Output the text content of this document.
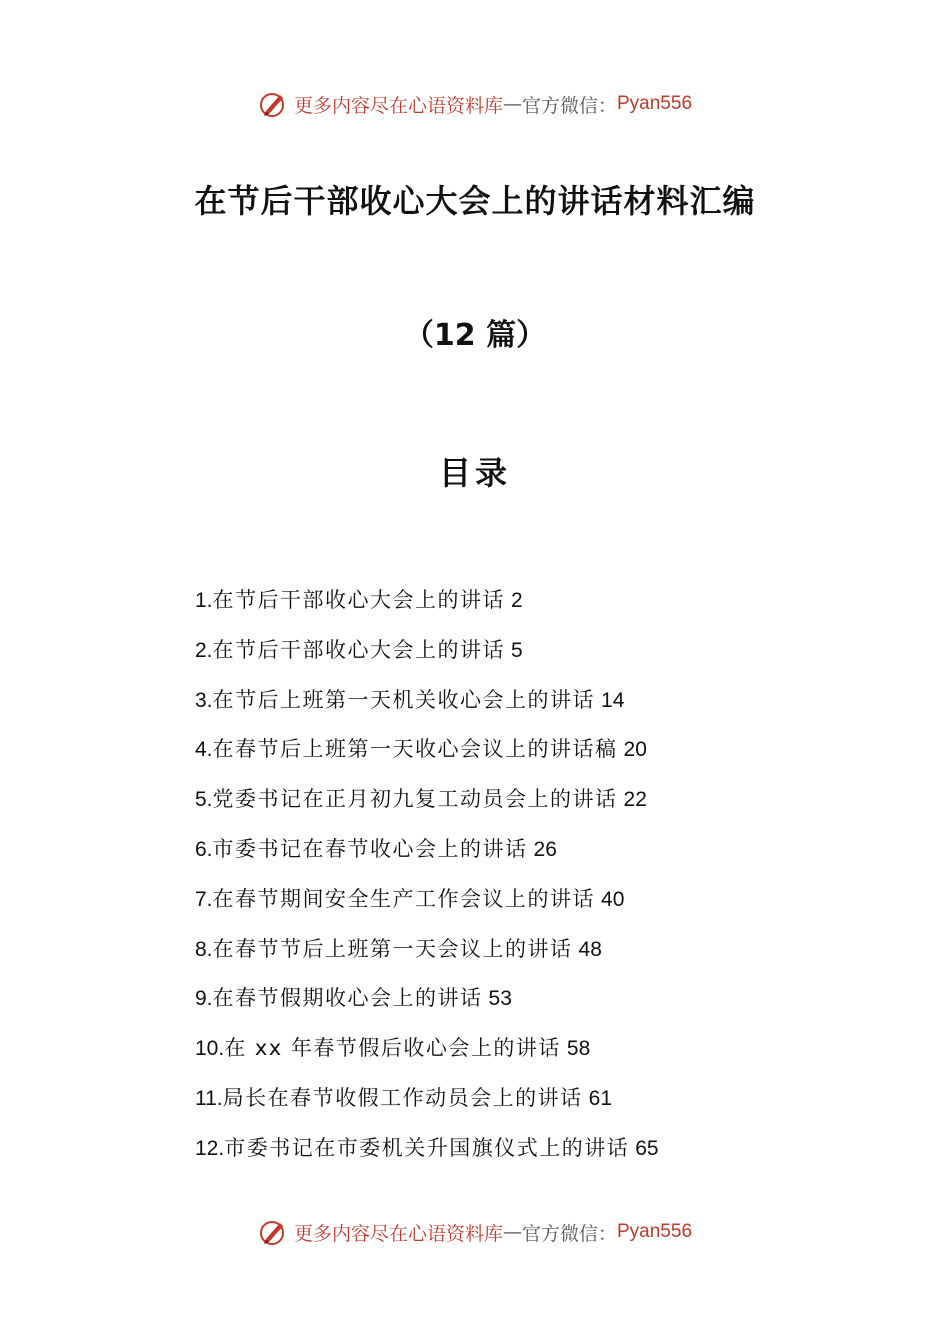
更多内容尽在心语资料库 — 官方微信： Pyan556
在节后干部收心大会上的讲话材料汇编
（12 篇）
目录
1.在节后干部收心大会上的讲话 2
2.在节后干部收心大会上的讲话 5
3.在节后上班第一天机关收心会上的讲话 14
4.在春节后上班第一天收心会议上的讲话稿 20
5.党委书记在正月初九复工动员会上的讲话 22
6.市委书记在春节收心会上的讲话 26
7.在春节期间安全生产工作会议上的讲话 40
8.在春节节后上班第一天会议上的讲话 48
9.在春节假期收心会上的讲话 53
10.在 xx 年春节假后收心会上的讲话 58
11.局长在春节收假工作动员会上的讲话 61
12.市委书记在市委机关升国旗仪式上的讲话 65
更多内容尽在心语资料库 — 官方微信： Pyan556
